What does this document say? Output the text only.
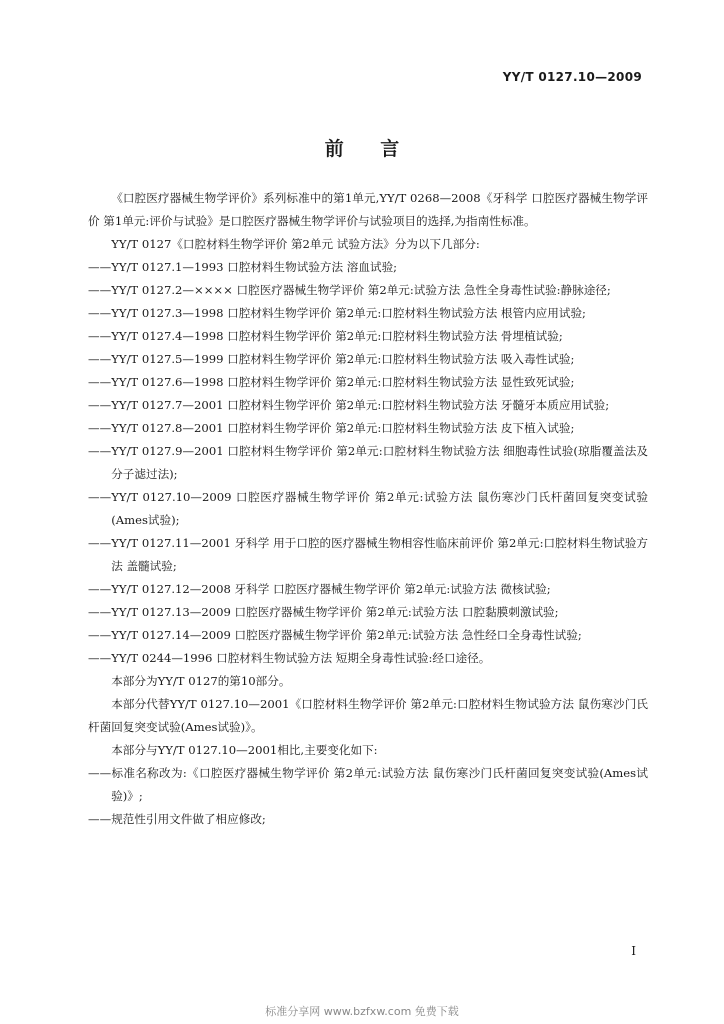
YY/T 0127.10—2009
前 言

《口腔医疗器械生物学评价》系列标准中的第1单元,YY/T 0268—2008《牙科学 口腔医疗器械生物学评价 第1单元:评价与试验》是口腔医疗器械生物学评价与试验项目的选择,为指南性标准。

YY/T 0127《口腔材料生物学评价 第2单元 试验方法》分为以下几部分:

——YY/T 0127.1—1993 口腔材料生物试验方法 溶血试验;

——YY/T 0127.2—×××× 口腔医疗器械生物学评价 第2单元:试验方法 急性全身毒性试验:静脉途径;

——YY/T 0127.3—1998 口腔材料生物学评价 第2单元:口腔材料生物试验方法 根管内应用试验;

——YY/T 0127.4—1998 口腔材料生物学评价 第2单元:口腔材料生物试验方法 骨埋植试验;

——YY/T 0127.5—1999 口腔材料生物学评价 第2单元:口腔材料生物试验方法 吸入毒性试验;

——YY/T 0127.6—1998 口腔材料生物学评价 第2单元:口腔材料生物试验方法 显性致死试验;

——YY/T 0127.7—2001 口腔材料生物学评价 第2单元:口腔材料生物试验方法 牙髓牙本质应用试验;

——YY/T 0127.8—2001 口腔材料生物学评价 第2单元:口腔材料生物试验方法 皮下植入试验;

——YY/T 0127.9—2001 口腔材料生物学评价 第2单元:口腔材料生物试验方法 细胞毒性试验(琼脂覆盖法及分子滤过法);

——YY/T 0127.10—2009 口腔医疗器械生物学评价 第2单元:试验方法 鼠伤寒沙门氏杆菌回复突变试验(Ames试验);

——YY/T 0127.11—2001 牙科学 用于口腔的医疗器械生物相容性临床前评价 第2单元:口腔材料生物试验方法 盖髓试验;

——YY/T 0127.12—2008 牙科学 口腔医疗器械生物学评价 第2单元:试验方法 微核试验;

——YY/T 0127.13—2009 口腔医疗器械生物学评价 第2单元:试验方法 口腔黏膜刺激试验;

——YY/T 0127.14—2009 口腔医疗器械生物学评价 第2单元:试验方法 急性经口全身毒性试验;

——YY/T 0244—1996 口腔材料生物试验方法 短期全身毒性试验:经口途径。

本部分为YY/T 0127的第10部分。

本部分代替YY/T 0127.10—2001《口腔材料生物学评价 第2单元:口腔材料生物试验方法 鼠伤寒沙门氏杆菌回复突变试验(Ames试验)》。

本部分与YY/T 0127.10—2001相比,主要变化如下:

——标准名称改为:《口腔医疗器械生物学评价 第2单元:试验方法 鼠伤寒沙门氏杆菌回复突变试验(Ames试验)》;

——规范性引用文件做了相应修改;

I
标准分享网 www.bzfxw.com 免费下载
